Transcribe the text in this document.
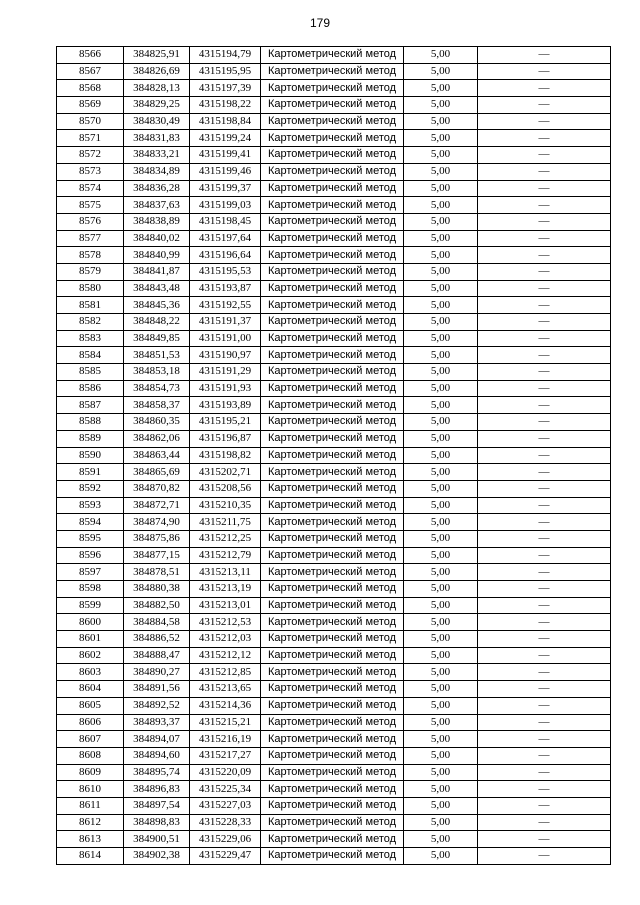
179
8566	384825,91	4315194,79	Картометрический метод	5,00	—
8567	384826,69	4315195,95	Картометрический метод	5,00	—
8568	384828,13	4315197,39	Картометрический метод	5,00	—
8569	384829,25	4315198,22	Картометрический метод	5,00	—
8570	384830,49	4315198,84	Картометрический метод	5,00	—
8571	384831,83	4315199,24	Картометрический метод	5,00	—
8572	384833,21	4315199,41	Картометрический метод	5,00	—
8573	384834,89	4315199,46	Картометрический метод	5,00	—
8574	384836,28	4315199,37	Картометрический метод	5,00	—
8575	384837,63	4315199,03	Картометрический метод	5,00	—
8576	384838,89	4315198,45	Картометрический метод	5,00	—
8577	384840,02	4315197,64	Картометрический метод	5,00	—
8578	384840,99	4315196,64	Картометрический метод	5,00	—
8579	384841,87	4315195,53	Картометрический метод	5,00	—
8580	384843,48	4315193,87	Картометрический метод	5,00	—
8581	384845,36	4315192,55	Картометрический метод	5,00	—
8582	384848,22	4315191,37	Картометрический метод	5,00	—
8583	384849,85	4315191,00	Картометрический метод	5,00	—
8584	384851,53	4315190,97	Картометрический метод	5,00	—
8585	384853,18	4315191,29	Картометрический метод	5,00	—
8586	384854,73	4315191,93	Картометрический метод	5,00	—
8587	384858,37	4315193,89	Картометрический метод	5,00	—
8588	384860,35	4315195,21	Картометрический метод	5,00	—
8589	384862,06	4315196,87	Картометрический метод	5,00	—
8590	384863,44	4315198,82	Картометрический метод	5,00	—
8591	384865,69	4315202,71	Картометрический метод	5,00	—
8592	384870,82	4315208,56	Картометрический метод	5,00	—
8593	384872,71	4315210,35	Картометрический метод	5,00	—
8594	384874,90	4315211,75	Картометрический метод	5,00	—
8595	384875,86	4315212,25	Картометрический метод	5,00	—
8596	384877,15	4315212,79	Картометрический метод	5,00	—
8597	384878,51	4315213,11	Картометрический метод	5,00	—
8598	384880,38	4315213,19	Картометрический метод	5,00	—
8599	384882,50	4315213,01	Картометрический метод	5,00	—
8600	384884,58	4315212,53	Картометрический метод	5,00	—
8601	384886,52	4315212,03	Картометрический метод	5,00	—
8602	384888,47	4315212,12	Картометрический метод	5,00	—
8603	384890,27	4315212,85	Картометрический метод	5,00	—
8604	384891,56	4315213,65	Картометрический метод	5,00	—
8605	384892,52	4315214,36	Картометрический метод	5,00	—
8606	384893,37	4315215,21	Картометрический метод	5,00	—
8607	384894,07	4315216,19	Картометрический метод	5,00	—
8608	384894,60	4315217,27	Картометрический метод	5,00	—
8609	384895,74	4315220,09	Картометрический метод	5,00	—
8610	384896,83	4315225,34	Картометрический метод	5,00	—
8611	384897,54	4315227,03	Картометрический метод	5,00	—
8612	384898,83	4315228,33	Картометрический метод	5,00	—
8613	384900,51	4315229,06	Картометрический метод	5,00	—
8614	384902,38	4315229,47	Картометрический метод	5,00	—
